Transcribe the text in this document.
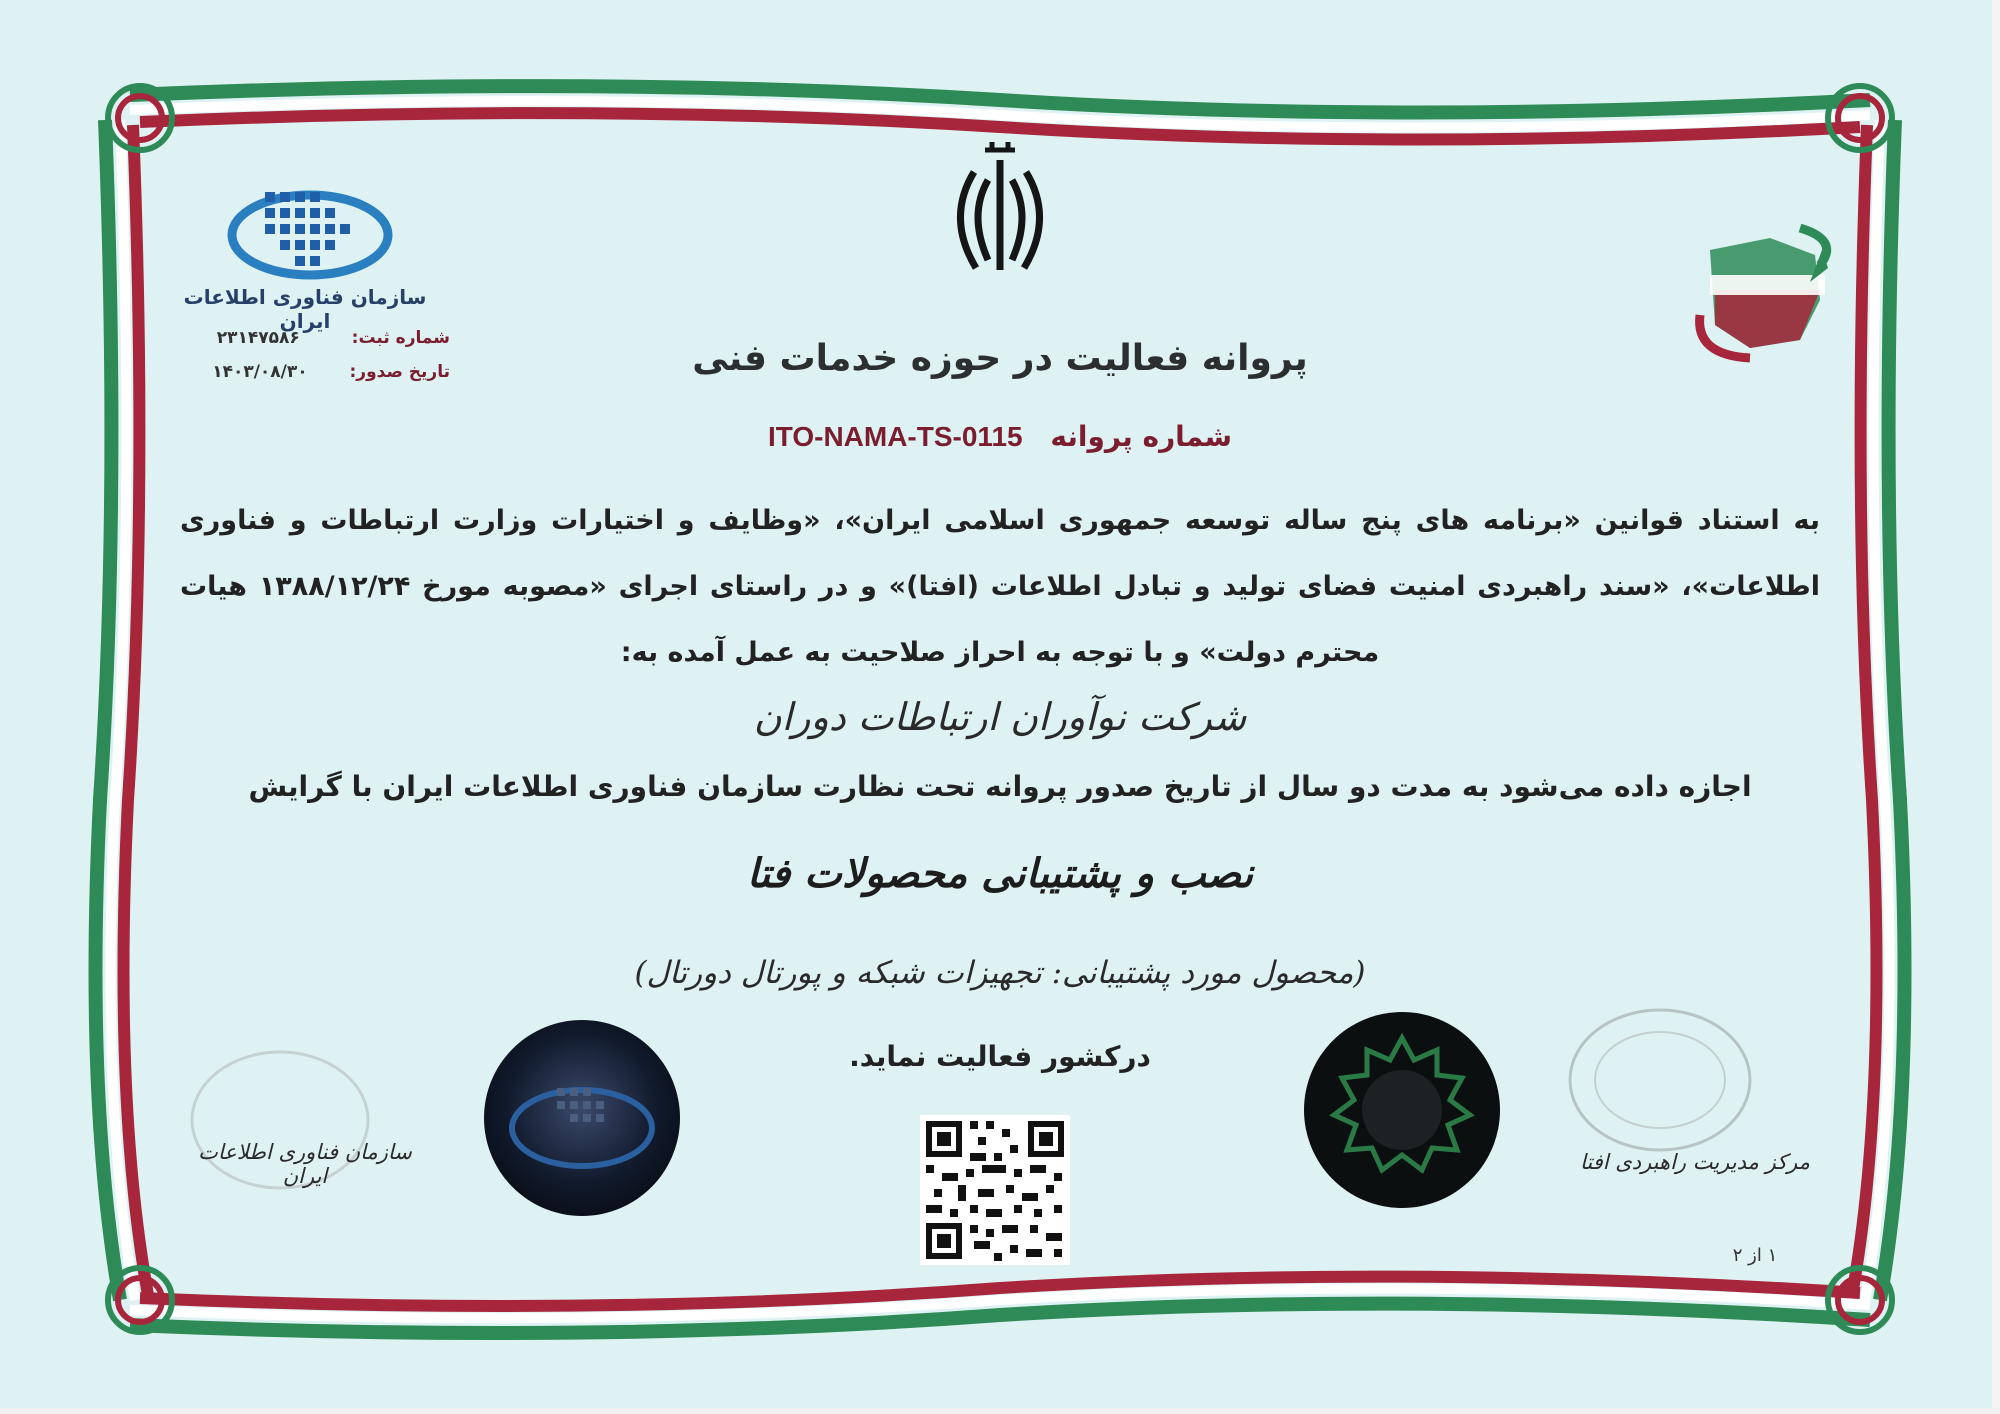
سازمان فناوری اطلاعات ایران
شماره ثبت:  ۲۳۱۴۷۵۸۶
تاریخ صدور:  ۱۴۰۳/۰۸/۳۰	پروانه فعالیت در حوزه خدمات فنی
شماره پروانه ITO-NAMA-TS-0115
به استناد قوانین «برنامه های پنج ساله توسعه جمهوری اسلامی ایران»، «وظایف و اختیارات وزارت ارتباطات و فناوری اطلاعات»، «سند راهبردی امنیت فضای تولید و تبادل اطلاعات (افتا)» و در راستای اجرای «مصوبه مورخ ۱۳۸۸/۱۲/۲۴ هیات محترم دولت» و با توجه به احراز صلاحیت به عمل آمده به:
شرکت نوآوران ارتباطات دوران
اجازه داده می‌شود به مدت دو سال از تاریخ صدور پروانه تحت نظارت سازمان فناوری اطلاعات ایران با گرایش
نصب و پشتیبانی محصولات فتا
(محصول مورد پشتیبانی: تجهیزات شبکه و پورتال دورتال)
درکشور فعالیت نماید.
سازمان فناوری اطلاعات ایران
مرکز مدیریت راهبردی افتا
۱ از ۲
